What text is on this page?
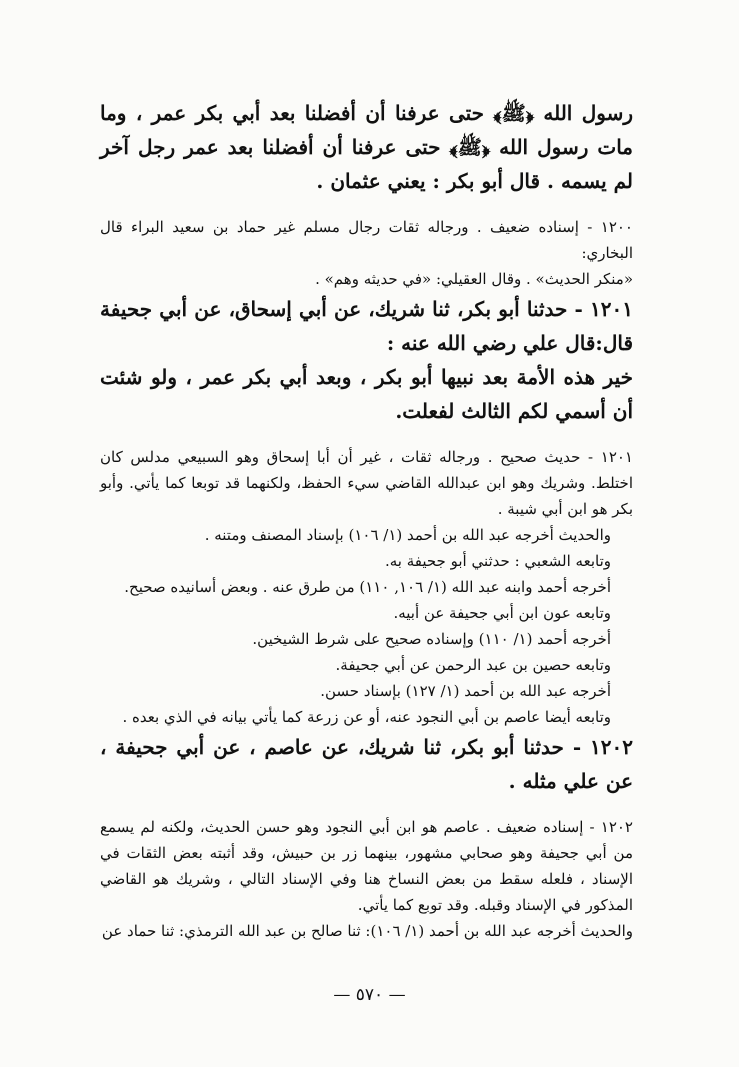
رسول الله ﴿ﷺ﴾ حتى عرفنا أن أفضلنا بعد أبي بكر عمر ، وما مات رسول الله ﴿ﷺ﴾ حتى عرفنا أن أفضلنا بعد عمر رجل آخر لم يسمه . قال أبو بكر : يعني عثمان .

١٢٠٠ - إسناده ضعيف . ورجاله ثقات رجال مسلم غير حماد بن سعيد البراء قال البخاري:

«منكر الحديث» . وقال العقيلي: «في حديثه وهم» .

١٢٠١ - حدثنا أبو بكر، ثنا شريك، عن أبي إسحاق، عن أبي جحيفة قال:قال علي رضي الله عنه :

خير هذه الأمة بعد نبيها أبو بكر ، وبعد أبي بكر عمر ، ولو شئت أن أسمي لكم الثالث لفعلت.

١٢٠١ - حديث صحيح . ورجاله ثقات ، غير أن أبا إسحاق وهو السبيعي مدلس كان اختلط. وشريك وهو ابن عبدالله القاضي سيء الحفظ، ولكنهما قد توبعا كما يأتي. وأبو بكر هو ابن أبي شيبة .

والحديث أخرجه عبد الله بن أحمد (١/ ١٠٦) بإسناد المصنف ومتنه .

وتابعه الشعبي : حدثني أبو جحيفة به.

أخرجه أحمد وابنه عبد الله (١/ ١٠٦, ١١٠) من طرق عنه . وبعض أسانيده صحيح.

وتابعه عون ابن أبي جحيفة عن أبيه.

أخرجه أحمد (١/ ١١٠) وإسناده صحيح على شرط الشيخين.

وتابعه حصين بن عبد الرحمن عن أبي جحيفة.

أخرجه عبد الله بن أحمد (١/ ١٢٧) بإسناد حسن.

وتابعه أيضا عاصم بن أبي النجود عنه، أو عن زرعة كما يأتي بيانه في الذي بعده .

١٢٠٢ - حدثنا أبو بكر، ثنا شريك، عن عاصم ، عن أبي جحيفة ، عن علي مثله .

١٢٠٢ - إسناده ضعيف . عاصم هو ابن أبي النجود وهو حسن الحديث، ولكنه لم يسمع من أبي جحيفة وهو صحابي مشهور، بينهما زر بن حبيش، وقد أثبته بعض الثقات في الإسناد ، فلعله سقط من بعض النساخ هنا وفي الإسناد التالي ، وشريك هو القاضي المذكور في الإسناد وقبله. وقد توبع كما يأتي.

والحديث أخرجه عبد الله بن أحمد (١/ ١٠٦): ثنا صالح بن عبد الله الترمذي: ثنا حماد عن

— ٥٧٠ —
